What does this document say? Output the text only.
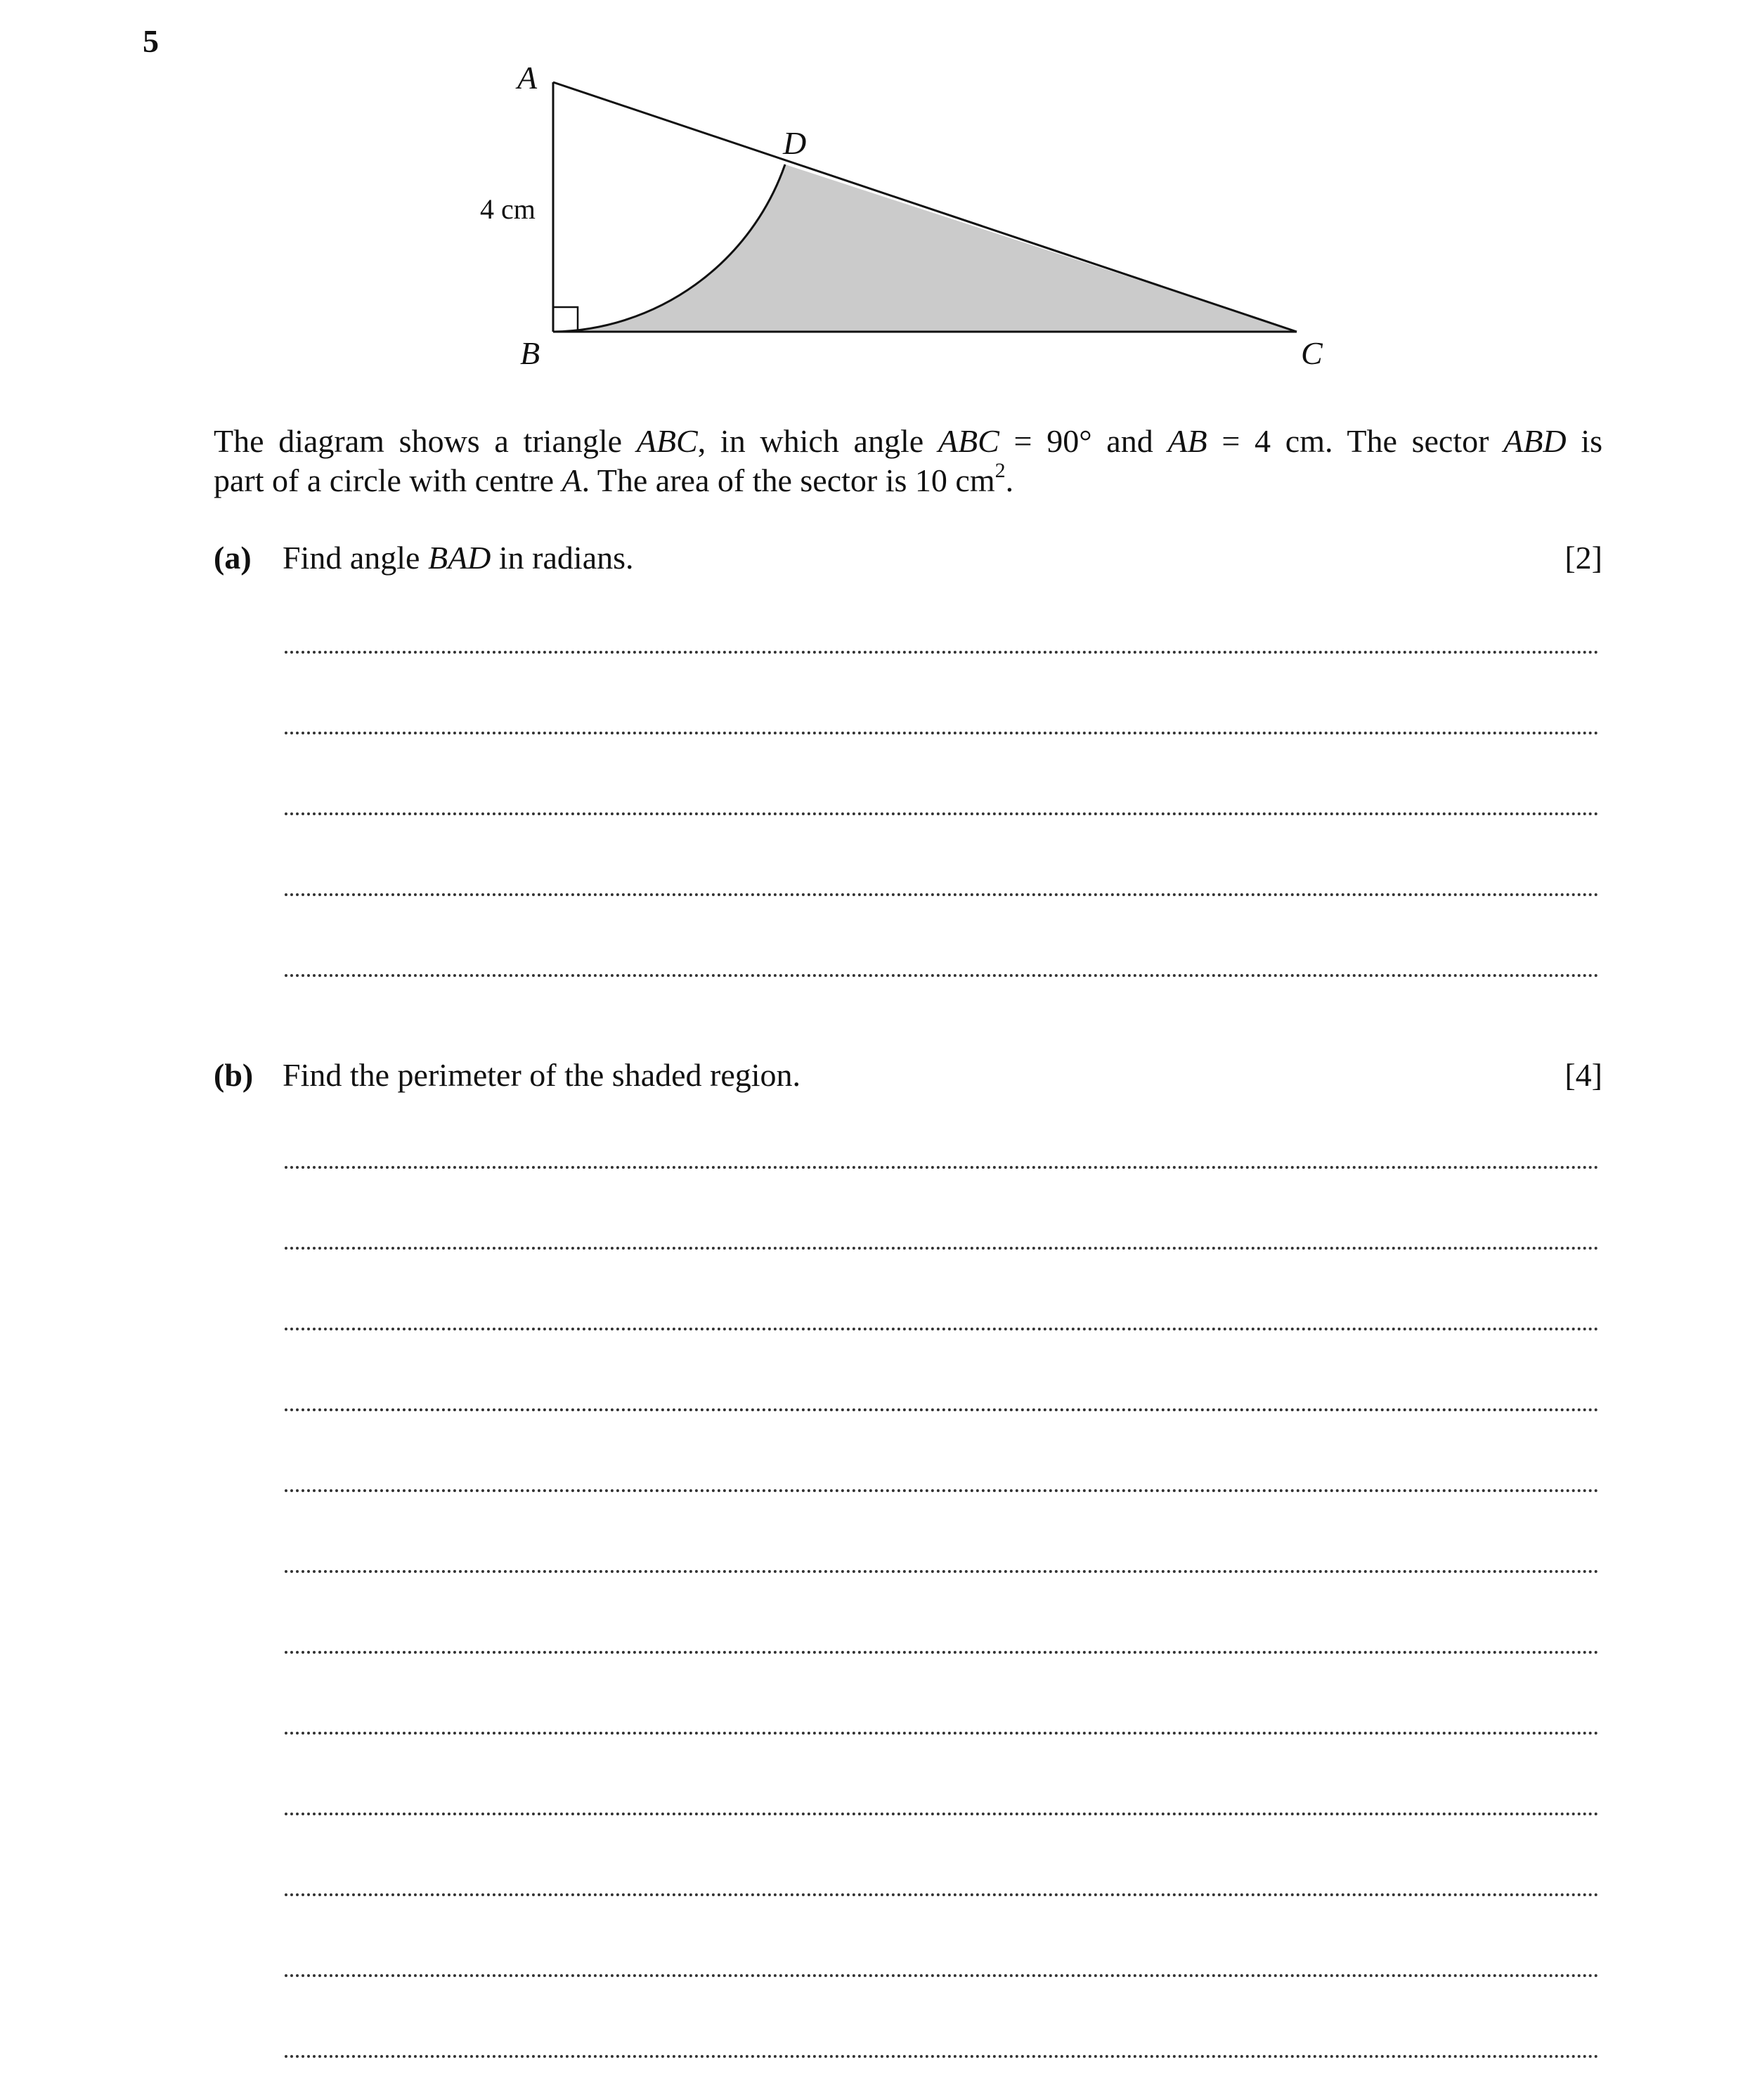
5
A
D
B	C
4 cm
The diagram shows a triangle ABC, in which angle ABC = 90° and AB = 4 cm. The sector ABD is
part of a circle with centre A. The area of the sector is 10 $cm^2$.
(a) Find angle BAD in radians.	[2]
(b) Find the perimeter of the shaded region.	[4]
